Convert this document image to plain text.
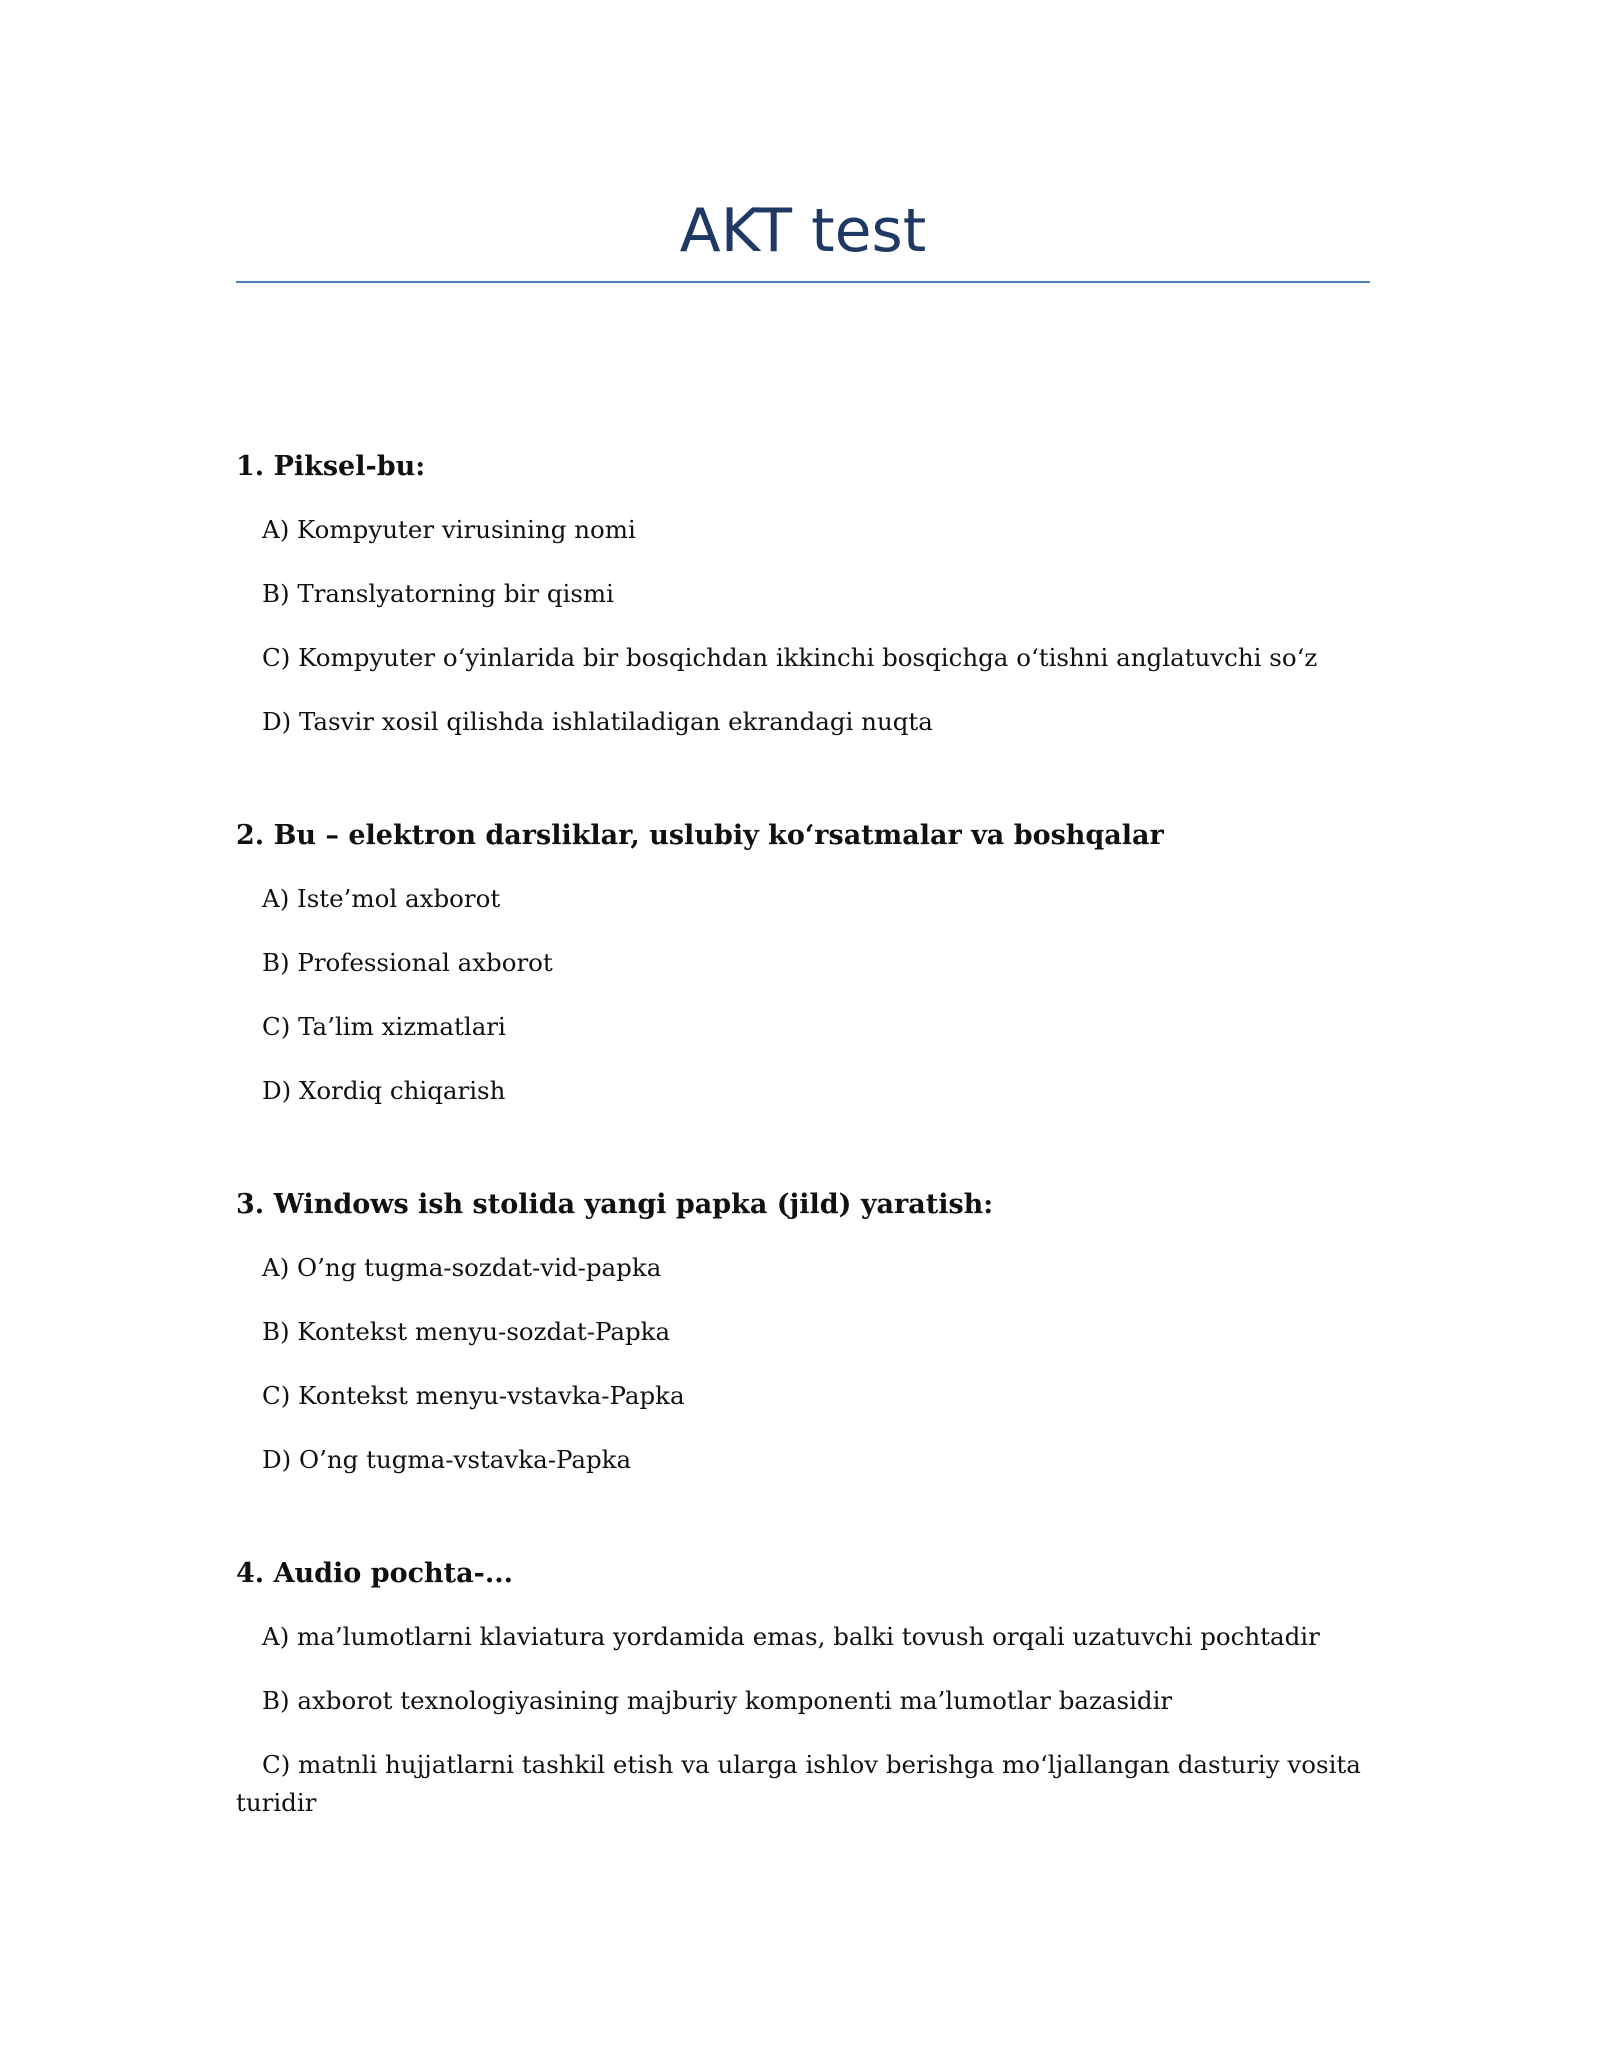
AKT test

1. Piksel-bu:

A) Kompyuter virusining nomi

B) Translyatorning bir qismi

C) Kompyuter o‘yinlarida bir bosqichdan ikkinchi bosqichga o‘tishni anglatuvchi so‘z

D) Tasvir xosil qilishda ishlatiladigan ekrandagi nuqta

2. Bu – elektron darsliklar, uslubiy ko‘rsatmalar va boshqalar

A) Iste’mol axborot

B) Professional axborot

C) Ta’lim xizmatlari

D) Xordiq chiqarish

3. Windows ish stolida yangi papka (jild) yaratish:

A) O’ng tugma-sozdat-vid-papka

B) Kontekst menyu-sozdat-Papka

C) Kontekst menyu-vstavka-Papka

D) O’ng tugma-vstavka-Papka

4. Audio pochta-...

A) ma’lumotlarni klaviatura yordamida emas, balki tovush orqali uzatuvchi pochtadir

B) axborot texnologiyasining majburiy komponenti ma’lumotlar bazasidir

C) matnli hujjatlarni tashkil etish va ularga ishlov berishga mo‘ljallangan dasturiy vosita turidir
